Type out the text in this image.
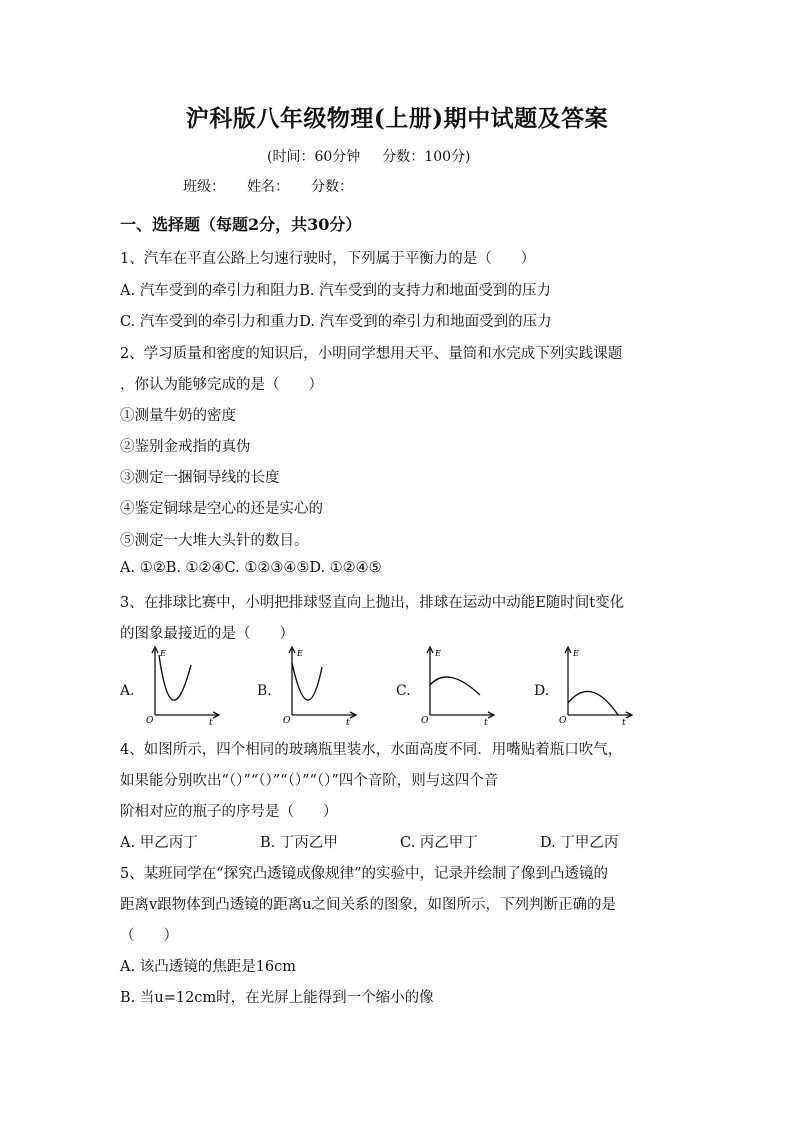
沪科版八年级物理(上册)期中试题及答案
(时间：60分钟 分数：100分)
班级： 姓名： 分数：
一、选择题（每题2分，共30分）
1、汽车在平直公路上匀速行驶时，下列属于平衡力的是（　　）
A. 汽车受到的牵引力和阻力B. 汽车受到的支持力和地面受到的压力
C. 汽车受到的牵引力和重力D. 汽车受到的牵引力和地面受到的压力
2、学习质量和密度的知识后，小明同学想用天平、量筒和水完成下列实践课题
，你认为能够完成的是（　　）
①测量牛奶的密度
②鉴别金戒指的真伪
③测定一捆铜导线的长度
④鉴定铜球是空心的还是实心的
⑤测定一大堆大头针的数目。
A. ①②B. ①②④C. ①②③④⑤D. ①②④⑤
3、在排球比赛中，小明把排球竖直向上抛出，排球在运动中动能E随时间t变化
的图象最接近的是（　　）
A.
E
O	t
B.
E
O	t
C.
E
O	t
D.
E
O	t
4、如图所示，四个相同的玻璃瓶里装水，水面高度不同．用嘴贴着瓶口吹气，
如果能分别吹出“（）”“（）”“（）”“（）”四个音阶，则与这四个音
阶相对应的瓶子的序号是（　　）
A. 甲乙丙丁	B. 丁丙乙甲	C. 丙乙甲丁	D. 丁甲乙丙
5、某班同学在“探究凸透镜成像规律”的实验中，记录并绘制了像到凸透镜的
距离v跟物体到凸透镜的距离u之间关系的图象，如图所示，下列判断正确的是
（　　）
A. 该凸透镜的焦距是16cm
B. 当u=12cm时，在光屏上能得到一个缩小的像
